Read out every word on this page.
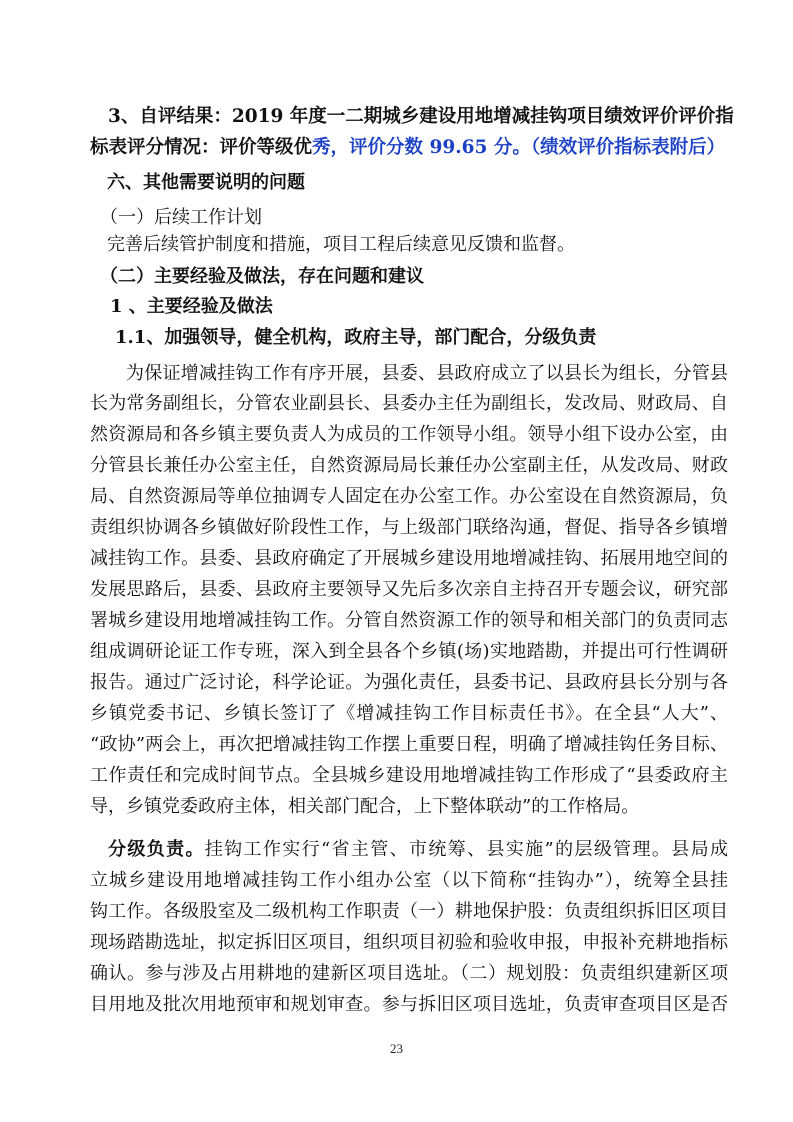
3、自评结果：2019 年度一二期城乡建设用地增减挂钩项目绩效评价评价指
标表评分情况：评价等级优秀，评价分数 99.65 分。（绩效评价指标表附后）
六、其他需要说明的问题
（一）后续工作计划
完善后续管护制度和措施，项目工程后续意见反馈和监督。
（二）主要经验及做法，存在问题和建议
1 、主要经验及做法
1.1、加强领导，健全机构，政府主导，部门配合，分级负责
为保证增减挂钩工作有序开展，县委、县政府成立了以县长为组长，分管县
长为常务副组长，分管农业副县长、县委办主任为副组长，发改局、财政局、自
然资源局和各乡镇主要负责人为成员的工作领导小组。领导小组下设办公室，由
分管县长兼任办公室主任，自然资源局局长兼任办公室副主任，从发改局、财政
局、自然资源局等单位抽调专人固定在办公室工作。办公室设在自然资源局，负
责组织协调各乡镇做好阶段性工作，与上级部门联络沟通，督促、指导各乡镇增
减挂钩工作。县委、县政府确定了开展城乡建设用地增减挂钩、拓展用地空间的
发展思路后，县委、县政府主要领导又先后多次亲自主持召开专题会议，研究部
署城乡建设用地增减挂钩工作。分管自然资源工作的领导和相关部门的负责同志
组成调研论证工作专班，深入到全县各个乡镇(场)实地踏勘，并提出可行性调研
报告。通过广泛讨论，科学论证。为强化责任，县委书记、县政府县长分别与各
乡镇党委书记、乡镇长签订了《增减挂钩工作目标责任书》。在全县“人大”、
“政协”两会上，再次把增减挂钩工作摆上重要日程，明确了增减挂钩任务目标、
工作责任和完成时间节点。全县城乡建设用地增减挂钩工作形成了“县委政府主
导，乡镇党委政府主体，相关部门配合，上下整体联动”的工作格局。
分级负责。挂钩工作实行“省主管、市统筹、县实施”的层级管理。县局成
立城乡建设用地增减挂钩工作小组办公室（以下简称“挂钩办”），统筹全县挂
钩工作。各级股室及二级机构工作职责（一）耕地保护股：负责组织拆旧区项目
现场踏勘选址，拟定拆旧区项目，组织项目初验和验收申报，申报补充耕地指标
确认。参与涉及占用耕地的建新区项目选址。（二）规划股：负责组织建新区项
目用地及批次用地预审和规划审查。参与拆旧区项目选址，负责审查项目区是否
23
